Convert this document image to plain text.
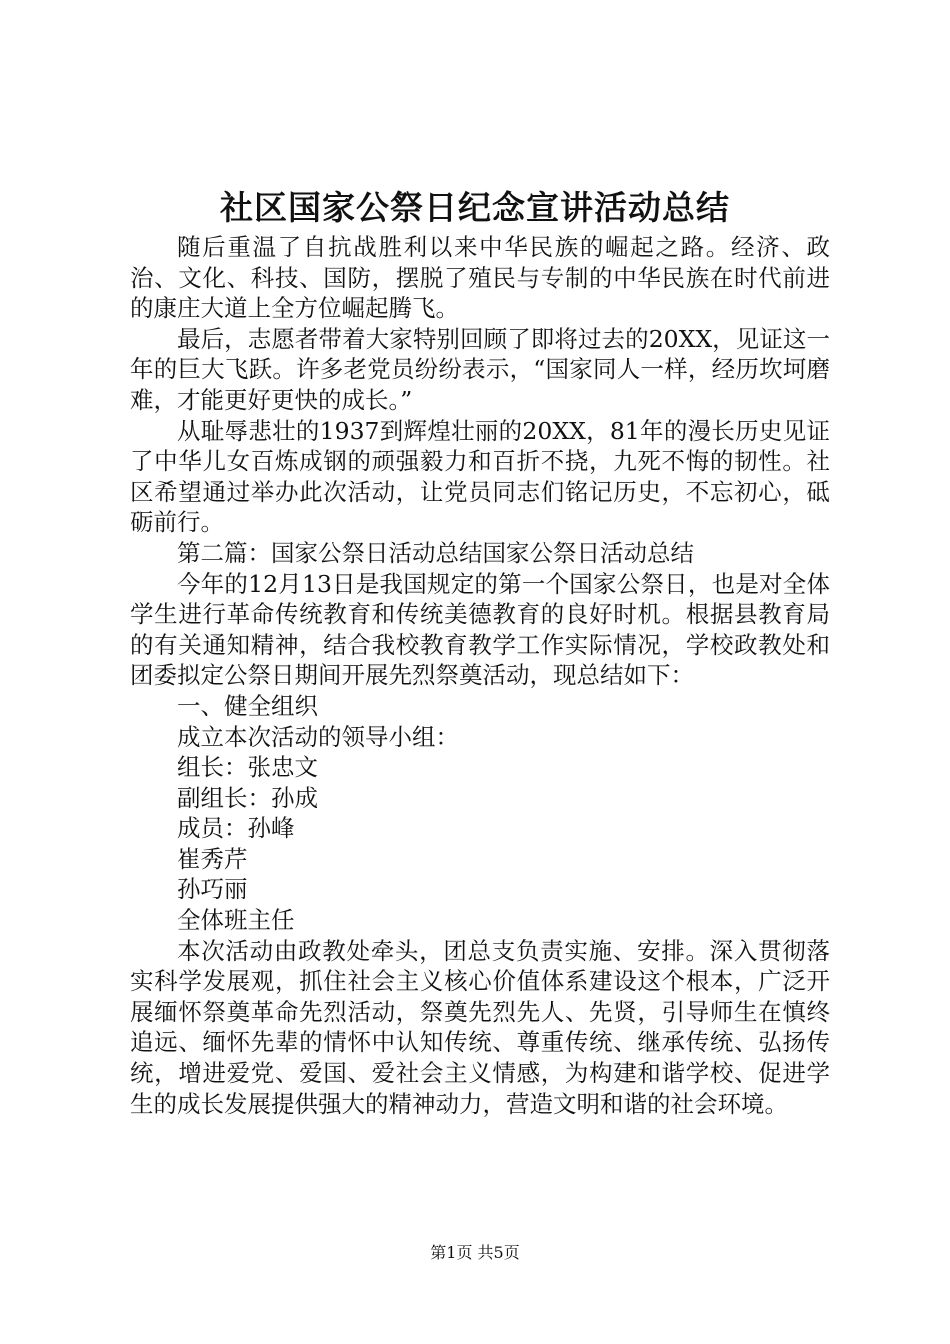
社区国家公祭日纪念宣讲活动总结

随后重温了自抗战胜利以来中华民族的崛起之路。经济、政治、文化、科技、国防，摆脱了殖民与专制的中华民族在时代前进的康庄大道上全方位崛起腾飞。

最后，志愿者带着大家特别回顾了即将过去的20XX，见证这一年的巨大飞跃。许多老党员纷纷表示，“国家同人一样，经历坎坷磨难，才能更好更快的成长。”

从耻辱悲壮的1937到辉煌壮丽的20XX，81年的漫长历史见证了中华儿女百炼成钢的顽强毅力和百折不挠，九死不悔的韧性。社区希望通过举办此次活动，让党员同志们铭记历史，不忘初心，砥砺前行。

第二篇：国家公祭日活动总结国家公祭日活动总结

今年的12月13日是我国规定的第一个国家公祭日，也是对全体学生进行革命传统教育和传统美德教育的良好时机。根据县教育局的有关通知精神，结合我校教育教学工作实际情况，学校政教处和团委拟定公祭日期间开展先烈祭奠活动，现总结如下：

一、健全组织

成立本次活动的领导小组：

组长：张忠文

副组长：孙成

成员：孙峰

崔秀芹

孙巧丽

全体班主任

本次活动由政教处牵头，团总支负责实施、安排。深入贯彻落实科学发展观，抓住社会主义核心价值体系建设这个根本，广泛开展缅怀祭奠革命先烈活动，祭奠先烈先人、先贤，引导师生在慎终追远、缅怀先辈的情怀中认知传统、尊重传统、继承传统、弘扬传统，增进爱党、爱国、爱社会主义情感，为构建和谐学校、促进学生的成长发展提供强大的精神动力，营造文明和谐的社会环境。

第1页 共5页
